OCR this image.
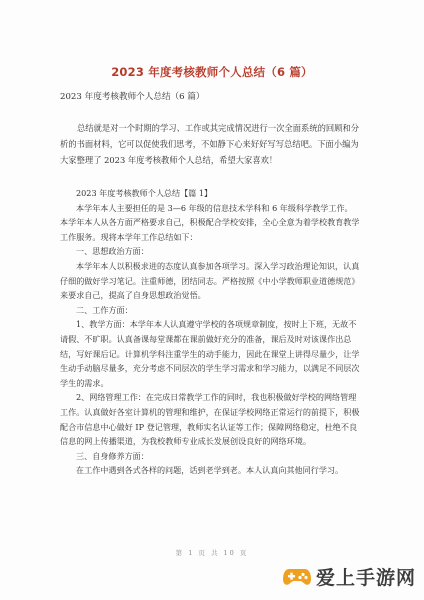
2023 年度考核教师个人总结（6 篇）
2023 年度考核教师个人总结（6 篇）

总结就是对一个时期的学习、工作或其完成情况进行一次全面系统的回顾和分析的书面材料，它可以促使我们思考，不如静下心来好好写写总结吧。下面小编为大家整理了 2023 年度考核教师个人总结，希望大家喜欢！

2023 年度考核教师个人总结【篇 1】

本学年本人主要担任的是 3—6 年级的信息技术学科和 6 年级科学教学工作。本学年本人从各方面严格要求自己，积极配合学校安排，全心全意为着学校教育教学工作服务。现将本学年工作总结如下：

一、思想政治方面：

本学年本人以积极求进的态度认真参加各项学习。深入学习政治理论知识，认真仔细的做好学习笔记。注重师德，团结同志。严格按照《中小学教师职业道德规范》来要求自己，提高了自身思想政治觉悟。

二、工作方面：

1、教学方面：本学年本人认真遵守学校的各项规章制度，按时上下班，无故不请假、不旷职。认真备课每堂课都在课前做好充分的准备，课后及时对该课作出总结，写好课后记。计算机学科注重学生的动手能力，因此在课堂上讲得尽量少，让学生动手动脑尽量多，充分考虑不同层次的学生学习需求和学习能力，以满足不同层次学生的需求。

2、网络管理工作：在完成日常教学工作的同时，我也积极做好学校的网络管理工作。认真做好各室计算机的管理和维护，在保证学校网络正常运行的前提下，积极配合市信息中心做好 IP 登记管理，教师实名认证等工作；保障网络稳定，杜绝不良信息的网上传播渠道，为我校教师专业成长发展创设良好的网络环境。

三、自身修养方面：

在工作中遇到各式各样的问题，话到老学到老。本人认真向其他同行学习。

第 1 页 共 10 页
爱上手游网
